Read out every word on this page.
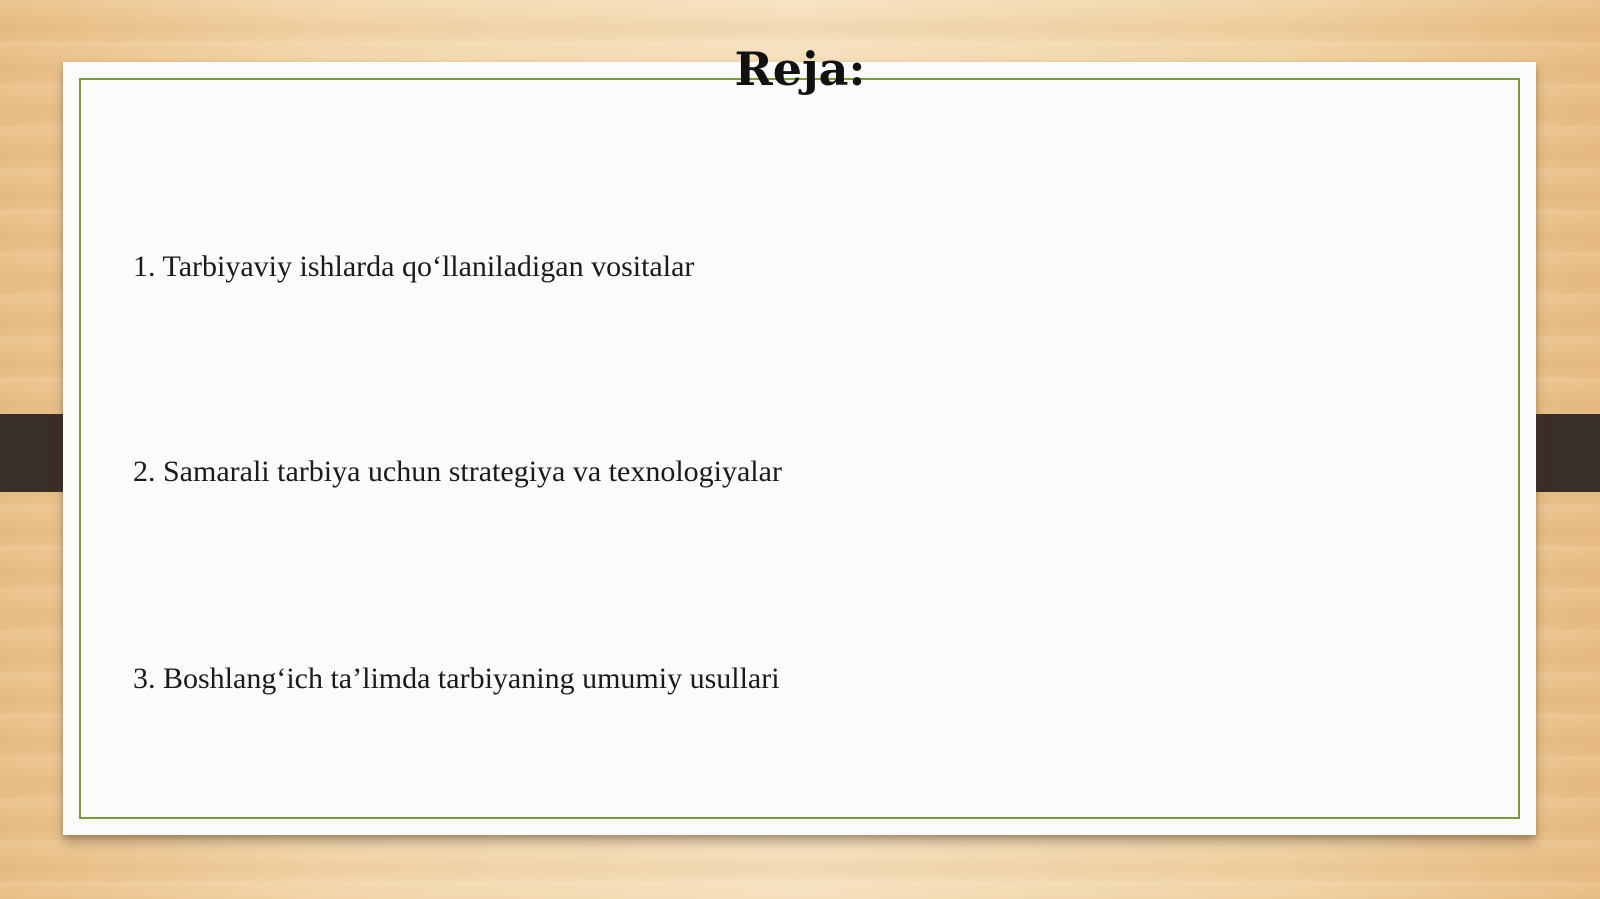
Reja:
1. Tarbiyaviy ishlarda qo‘llaniladigan vositalar
2. Samarali tarbiya uchun strategiya va texnologiyalar
3. Boshlang‘ich ta’limda tarbiyaning umumiy usullari
